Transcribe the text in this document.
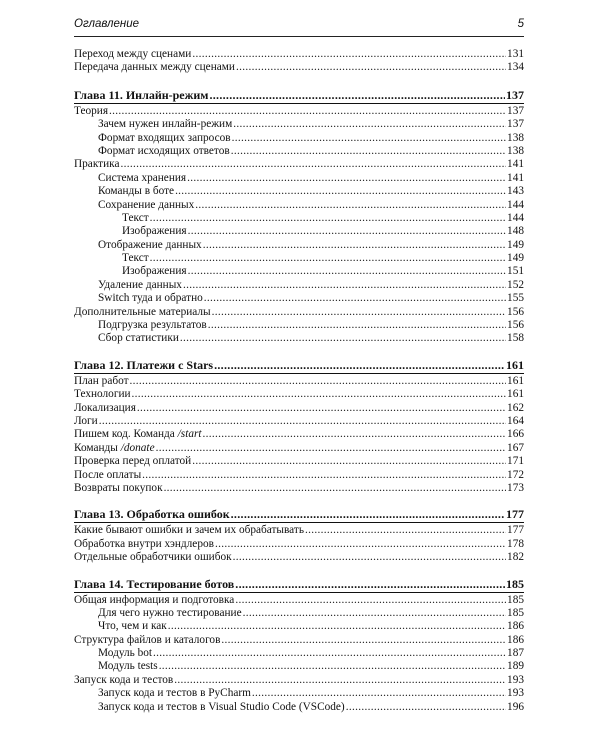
Оглавление	5
Переход между сценами .....	131
Передача данных между сценами .....	134
Глава 11. Инлайн-режим .....	137
Теория .....	137
Зачем нужен инлайн-режим .....	137
Формат входящих запросов .....	138
Формат исходящих ответов .....	138
Практика .....	141
Система хранения .....	141
Команды в боте .....	143
Сохранение данных .....	144
Текст .....	144
Изображения .....	148
Отображение данных .....	149
Текст .....	149
Изображения .....	151
Удаление данных .....	152
Switch туда и обратно .....	155
Дополнительные материалы .....	156
Подгрузка результатов .....	156
Сбор статистики .....	158
Глава 12. Платежи с Stars .....	161
План работ .....	161
Технологии .....	161
Локализация .....	162
Логи .....	164
Пишем код. Команда /start .....	166
Команды /donate .....	167
Проверка перед оплатой .....	171
После оплаты .....	172
Возвраты покупок .....	173
Глава 13. Обработка ошибок .....	177
Какие бывают ошибки и зачем их обрабатывать .....	177
Обработка внутри хэндлеров .....	178
Отдельные обработчики ошибок .....	182
Глава 14. Тестирование ботов .....	185
Общая информация и подготовка .....	185
Для чего нужно тестирование .....	185
Что, чем и как .....	186
Структура файлов и каталогов .....	186
Модуль bot .....	187
Модуль tests .....	189
Запуск кода и тестов .....	193
Запуск кода и тестов в PyCharm .....	193
Запуск кода и тестов в Visual Studio Code (VSCode) .....	196
